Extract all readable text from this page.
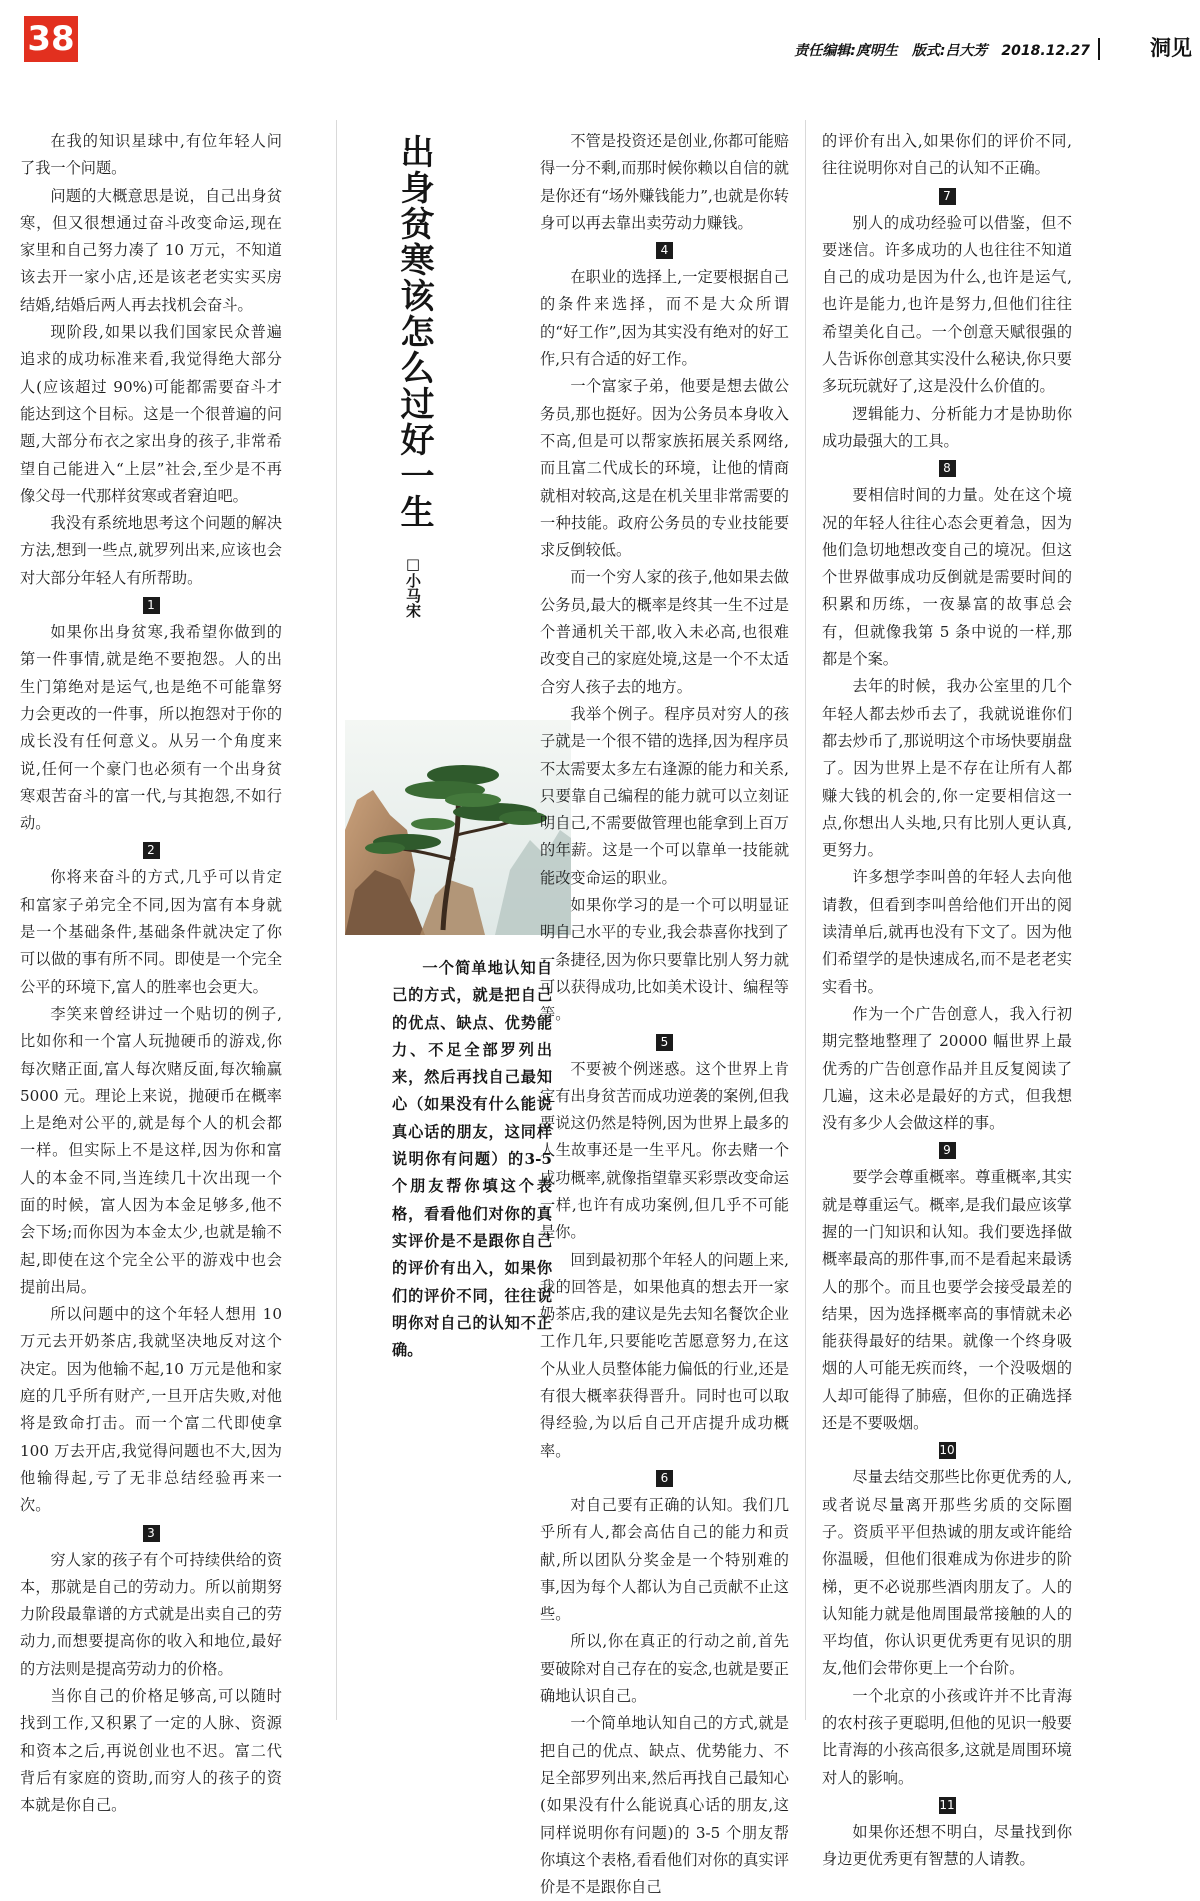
38	责任编辑:庹明生　版式:吕大芳　2018.12.27	洞见

在我的知识星球中,有位年轻人问了我一个问题。

问题的大概意思是说，自己出身贫寒，但又很想通过奋斗改变命运,现在家里和自己努力凑了 10 万元，不知道该去开一家小店,还是该老老实实买房结婚,结婚后两人再去找机会奋斗。

现阶段,如果以我们国家民众普遍追求的成功标准来看,我觉得绝大部分人(应该超过 90%)可能都需要奋斗才能达到这个目标。这是一个很普遍的问题,大部分布衣之家出身的孩子,非常希望自己能进入“上层”社会,至少是不再像父母一代那样贫寒或者窘迫吧。

我没有系统地思考这个问题的解决方法,想到一些点,就罗列出来,应该也会对大部分年轻人有所帮助。

1

如果你出身贫寒,我希望你做到的第一件事情,就是绝不要抱怨。人的出生门第绝对是运气,也是绝不可能靠努力会更改的一件事，所以抱怨对于你的成长没有任何意义。从另一个角度来说,任何一个豪门也必须有一个出身贫寒艰苦奋斗的富一代,与其抱怨,不如行动。

2

你将来奋斗的方式,几乎可以肯定和富家子弟完全不同,因为富有本身就是一个基础条件,基础条件就决定了你可以做的事有所不同。即使是一个完全公平的环境下,富人的胜率也会更大。

李笑来曾经讲过一个贴切的例子,比如你和一个富人玩抛硬币的游戏,你每次赌正面,富人每次赌反面,每次输赢 5000 元。理论上来说，抛硬币在概率上是绝对公平的,就是每个人的机会都一样。但实际上不是这样,因为你和富人的本金不同,当连续几十次出现一个面的时候，富人因为本金足够多,他不会下场;而你因为本金太少,也就是输不起,即使在这个完全公平的游戏中也会提前出局。

所以问题中的这个年轻人想用 10 万元去开奶茶店,我就坚决地反对这个决定。因为他输不起,10 万元是他和家庭的几乎所有财产,一旦开店失败,对他将是致命打击。而一个富二代即使拿 100 万去开店,我觉得问题也不大,因为他输得起,亏了无非总结经验再来一次。

3

穷人家的孩子有个可持续供给的资本，那就是自己的劳动力。所以前期努力阶段最靠谱的方式就是出卖自己的劳动力,而想要提高你的收入和地位,最好的方法则是提高劳动力的价格。

当你自己的价格足够高,可以随时找到工作,又积累了一定的人脉、资源和资本之后,再说创业也不迟。富二代背后有家庭的资助,而穷人的孩子的资本就是你自己。

出身贫寒该怎么过好一生
□小马宋

一个简单地认知自己的方式，就是把自己的优点、缺点、优势能力、不足全部罗列出来，然后再找自己最知心（如果没有什么能说真心话的朋友，这同样说明你有问题）的3-5个朋友帮你填这个表格，看看他们对你的真实评价是不是跟你自己的评价有出入，如果你们的评价不同，往往说明你对自己的认知不正确。

不管是投资还是创业,你都可能赔得一分不剩,而那时候你赖以自信的就是你还有“场外赚钱能力”,也就是你转身可以再去靠出卖劳动力赚钱。

4

在职业的选择上,一定要根据自己的条件来选择，而不是大众所谓的“好工作”,因为其实没有绝对的好工作,只有合适的好工作。

一个富家子弟，他要是想去做公务员,那也挺好。因为公务员本身收入不高,但是可以帮家族拓展关系网络,而且富二代成长的环境，让他的情商就相对较高,这是在机关里非常需要的一种技能。政府公务员的专业技能要求反倒较低。

而一个穷人家的孩子,他如果去做公务员,最大的概率是终其一生不过是个普通机关干部,收入未必高,也很难改变自己的家庭处境,这是一个不太适合穷人孩子去的地方。

我举个例子。程序员对穷人的孩子就是一个很不错的选择,因为程序员不太需要太多左右逢源的能力和关系,只要靠自己编程的能力就可以立刻证明自己,不需要做管理也能拿到上百万的年薪。这是一个可以靠单一技能就能改变命运的职业。

如果你学习的是一个可以明显证明自己水平的专业,我会恭喜你找到了一条捷径,因为你只要靠比别人努力就可以获得成功,比如美术设计、编程等等。

5

不要被个例迷惑。这个世界上肯定有出身贫苦而成功逆袭的案例,但我要说这仍然是特例,因为世界上最多的人生故事还是一生平凡。你去赌一个成功概率,就像指望靠买彩票改变命运一样,也许有成功案例,但几乎不可能是你。

回到最初那个年轻人的问题上来,我的回答是，如果他真的想去开一家奶茶店,我的建议是先去知名餐饮企业工作几年,只要能吃苦愿意努力,在这个从业人员整体能力偏低的行业,还是有很大概率获得晋升。同时也可以取得经验,为以后自己开店提升成功概率。

6

对自己要有正确的认知。我们几乎所有人,都会高估自己的能力和贡献,所以团队分奖金是一个特别难的事,因为每个人都认为自己贡献不止这些。

所以,你在真正的行动之前,首先要破除对自己存在的妄念,也就是要正确地认识自己。

一个简单地认知自己的方式,就是把自己的优点、缺点、优势能力、不足全部罗列出来,然后再找自己最知心(如果没有什么能说真心话的朋友,这同样说明你有问题)的 3-5 个朋友帮你填这个表格,看看他们对你的真实评价是不是跟你自己

的评价有出入,如果你们的评价不同,往往说明你对自己的认知不正确。

7

别人的成功经验可以借鉴，但不要迷信。许多成功的人也往往不知道自己的成功是因为什么,也许是运气,也许是能力,也许是努力,但他们往往希望美化自己。一个创意天赋很强的人告诉你创意其实没什么秘诀,你只要多玩玩就好了,这是没什么价值的。

逻辑能力、分析能力才是协助你成功最强大的工具。

8

要相信时间的力量。处在这个境况的年轻人往往心态会更着急，因为他们急切地想改变自己的境况。但这个世界做事成功反倒就是需要时间的积累和历练，一夜暴富的故事总会有，但就像我第 5 条中说的一样,那都是个案。

去年的时候，我办公室里的几个年轻人都去炒币去了，我就说谁你们都去炒币了,那说明这个市场快要崩盘了。因为世界上是不存在让所有人都赚大钱的机会的,你一定要相信这一点,你想出人头地,只有比别人更认真,更努力。

许多想学李叫兽的年轻人去向他请教，但看到李叫兽给他们开出的阅读清单后,就再也没有下文了。因为他们希望学的是快速成名,而不是老老实实看书。

作为一个广告创意人，我入行初期完整地整理了 20000 幅世界上最优秀的广告创意作品并且反复阅读了几遍，这未必是最好的方式，但我想没有多少人会做这样的事。

9

要学会尊重概率。尊重概率,其实就是尊重运气。概率,是我们最应该掌握的一门知识和认知。我们要选择做概率最高的那件事,而不是看起来最诱人的那个。而且也要学会接受最差的结果，因为选择概率高的事情就未必能获得最好的结果。就像一个终身吸烟的人可能无疾而终，一个没吸烟的人却可能得了肺癌，但你的正确选择还是不要吸烟。

10

尽量去结交那些比你更优秀的人,或者说尽量离开那些劣质的交际圈子。资质平平但热诚的朋友或许能给你温暖，但他们很难成为你进步的阶梯，更不必说那些酒肉朋友了。人的认知能力就是他周围最常接触的人的平均值，你认识更优秀更有见识的朋友,他们会带你更上一个台阶。

一个北京的小孩或许并不比青海的农村孩子更聪明,但他的见识一般要比青海的小孩高很多,这就是周围环境对人的影响。

11

如果你还想不明白，尽量找到你身边更优秀更有智慧的人请教。
